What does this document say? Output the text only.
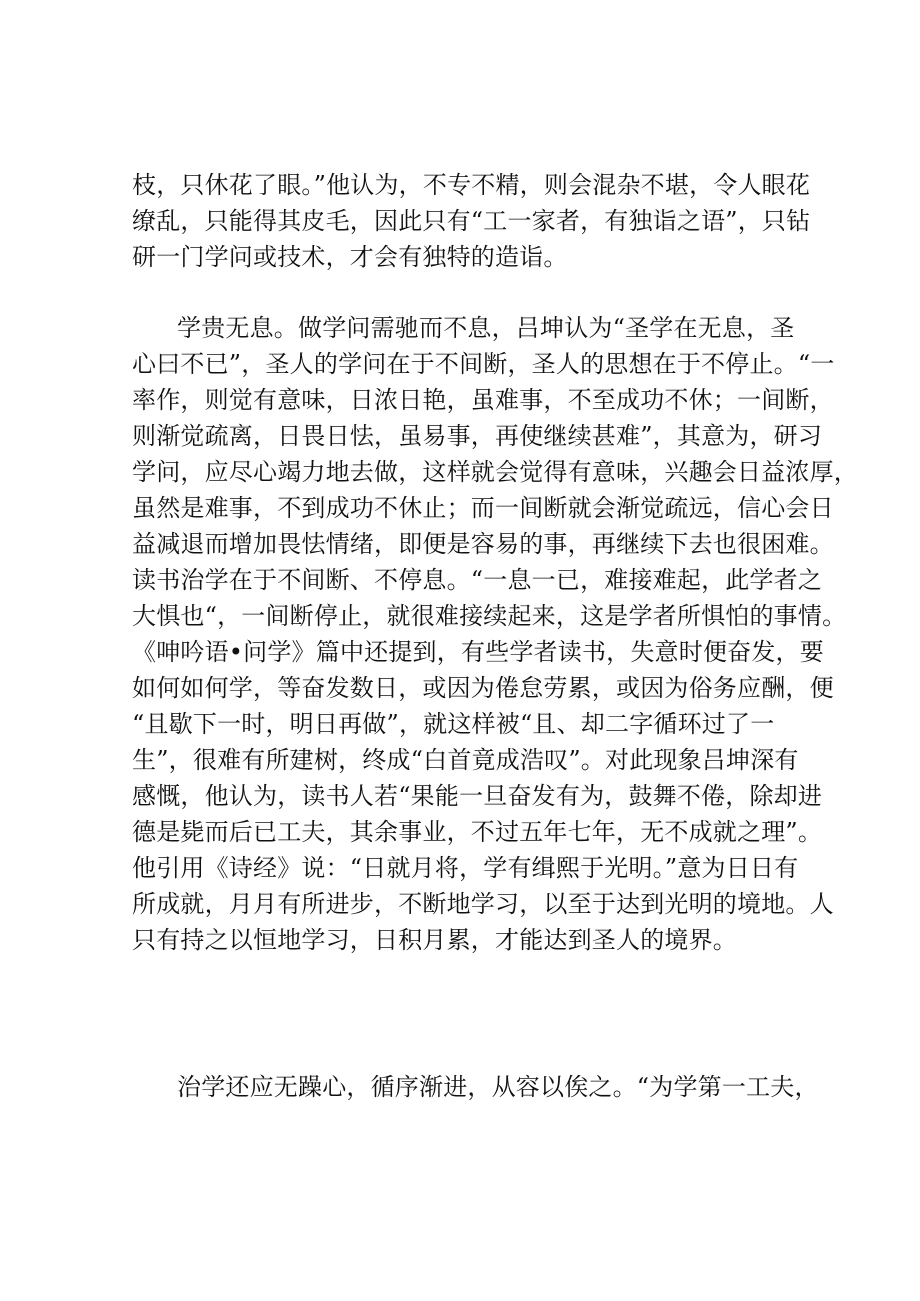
枝，只休花了眼。”他认为，不专不精，则会混杂不堪，令人眼花
缭乱，只能得其皮毛，因此只有“工一家者，有独诣之语”，只钻
研一门学问或技术，才会有独特的造诣。
学贵无息。做学问需驰而不息，吕坤认为“圣学在无息，圣
心曰不已”，圣人的学问在于不间断，圣人的思想在于不停止。“一
率作，则觉有意味，日浓日艳，虽难事，不至成功不休；一间断，
则渐觉疏离，日畏日怯，虽易事，再使继续甚难”，其意为，研习
学问，应尽心竭力地去做，这样就会觉得有意味，兴趣会日益浓厚，
虽然是难事，不到成功不休止；而一间断就会渐觉疏远，信心会日
益减退而增加畏怯情绪，即便是容易的事，再继续下去也很困难。
读书治学在于不间断、不停息。“一息一已，难接难起，此学者之
大惧也“，一间断停止，就很难接续起来，这是学者所惧怕的事情。
《呻吟语•问学》篇中还提到，有些学者读书，失意时便奋发，要
如何如何学，等奋发数日，或因为倦怠劳累，或因为俗务应酬，便
“且歇下一时，明日再做”，就这样被“且、却二字循环过了一
生”，很难有所建树，终成“白首竟成浩叹”。对此现象吕坤深有
感慨，他认为，读书人若“果能一旦奋发有为，鼓舞不倦，除却进
德是毙而后已工夫，其余事业，不过五年七年，无不成就之理”。
他引用《诗经》说：“日就月将，学有缉熙于光明。”意为日日有
所成就，月月有所进步，不断地学习，以至于达到光明的境地。人
只有持之以恒地学习，日积月累，才能达到圣人的境界。
治学还应无躁心，循序渐进，从容以俟之。“为学第一工夫，
